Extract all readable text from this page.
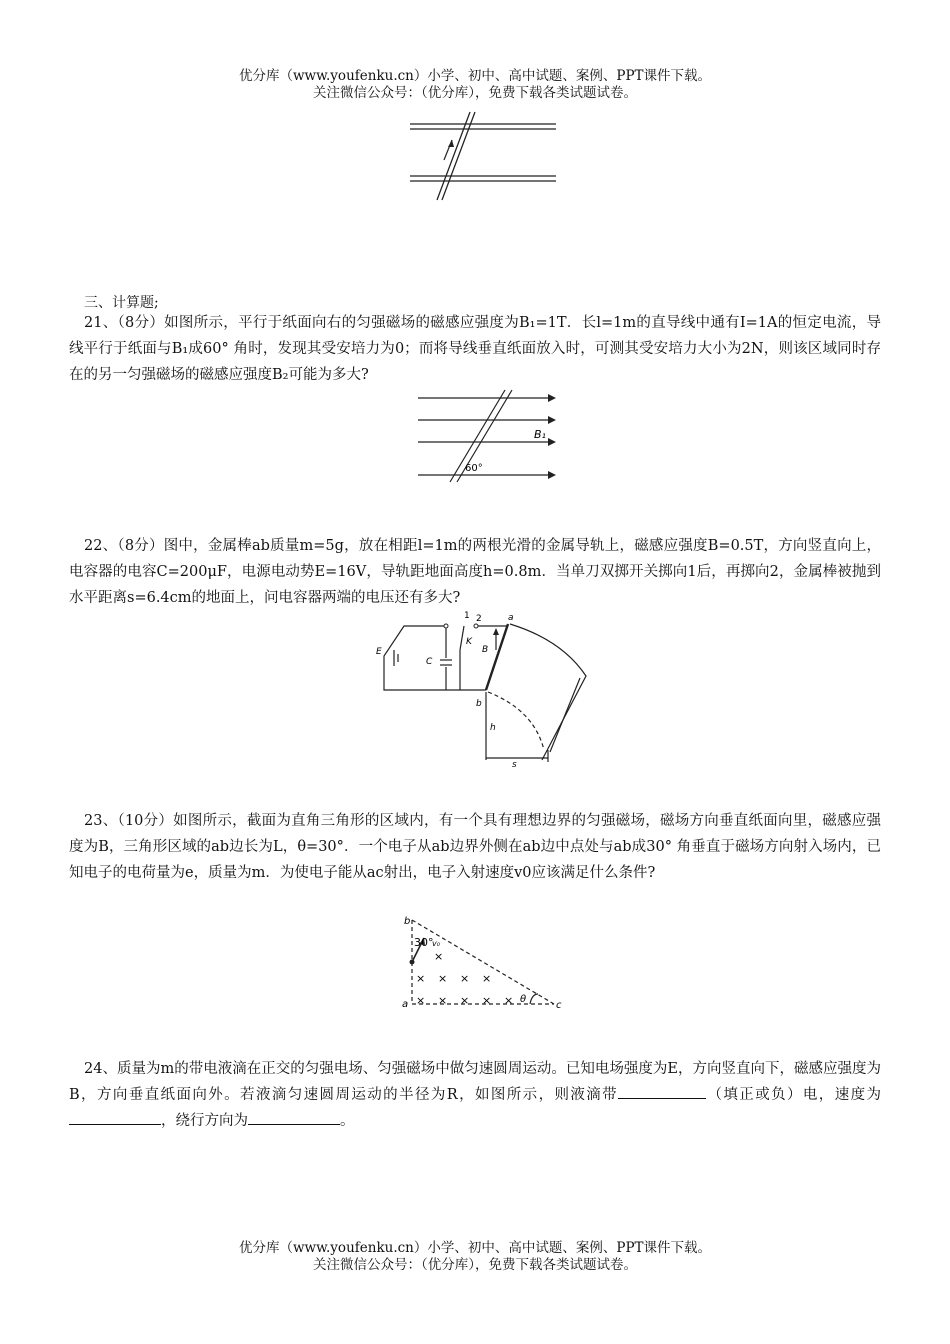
优分库（www.youfenku.cn）小学、初中、高中试题、案例、PPT课件下载。
关注微信公众号：（优分库），免费下载各类试题试卷。
三、计算题;

21、（8分）如图所示，平行于纸面向右的匀强磁场的磁感应强度为B₁=1T．长l=1m的直导线中通有I=1A的恒定电流，导线平行于纸面与B₁成60° 角时，发现其受安培力为0；而将导线垂直纸面放入时，可测其受安培力大小为2N，则该区域同时存在的另一匀强磁场的磁感应强度B₂可能为多大?

B₁
60°

22、（8分）图中，金属棒ab质量m=5g，放在相距l=1m的两根光滑的金属导轨上，磁感应强度B=0.5T，方向竖直向上，电容器的电容C=200μF，电源电动势E=16V，导轨距地面高度h=0.8m．当单刀双掷开关掷向1后，再掷向2，金属棒被抛到水平距离s=6.4cm的地面上，问电容器两端的电压还有多大?

1 2	a
b
K
B
C
E
h
s

23、（10分）如图所示，截面为直角三角形的区域内，有一个具有理想边界的匀强磁场，磁场方向垂直纸面向里，磁感应强度为B，三角形区域的ab边长为L，θ=30°．一个电子从ab边界外侧在ab边中点处与ab成30° 角垂直于磁场方向射入场内，已知电子的电荷量为e，质量为m．为使电子能从ac射出，电子入射速度v0应该满足什么条件?

b
a	c
30°
v₀
θ
×
× × × ×
× × × × ×

24、质量为m的带电液滴在正交的匀强电场、匀强磁场中做匀速圆周运动。已知电场强度为E，方向竖直向下，磁感应强度为B，方向垂直纸面向外。若液滴匀速圆周运动的半径为R，如图所示，则液滴带	（填正或负）电，速度为，绕行方向为	。

优分库（www.youfenku.cn）小学、初中、高中试题、案例、PPT课件下载。
关注微信公众号：（优分库），免费下载各类试题试卷。
